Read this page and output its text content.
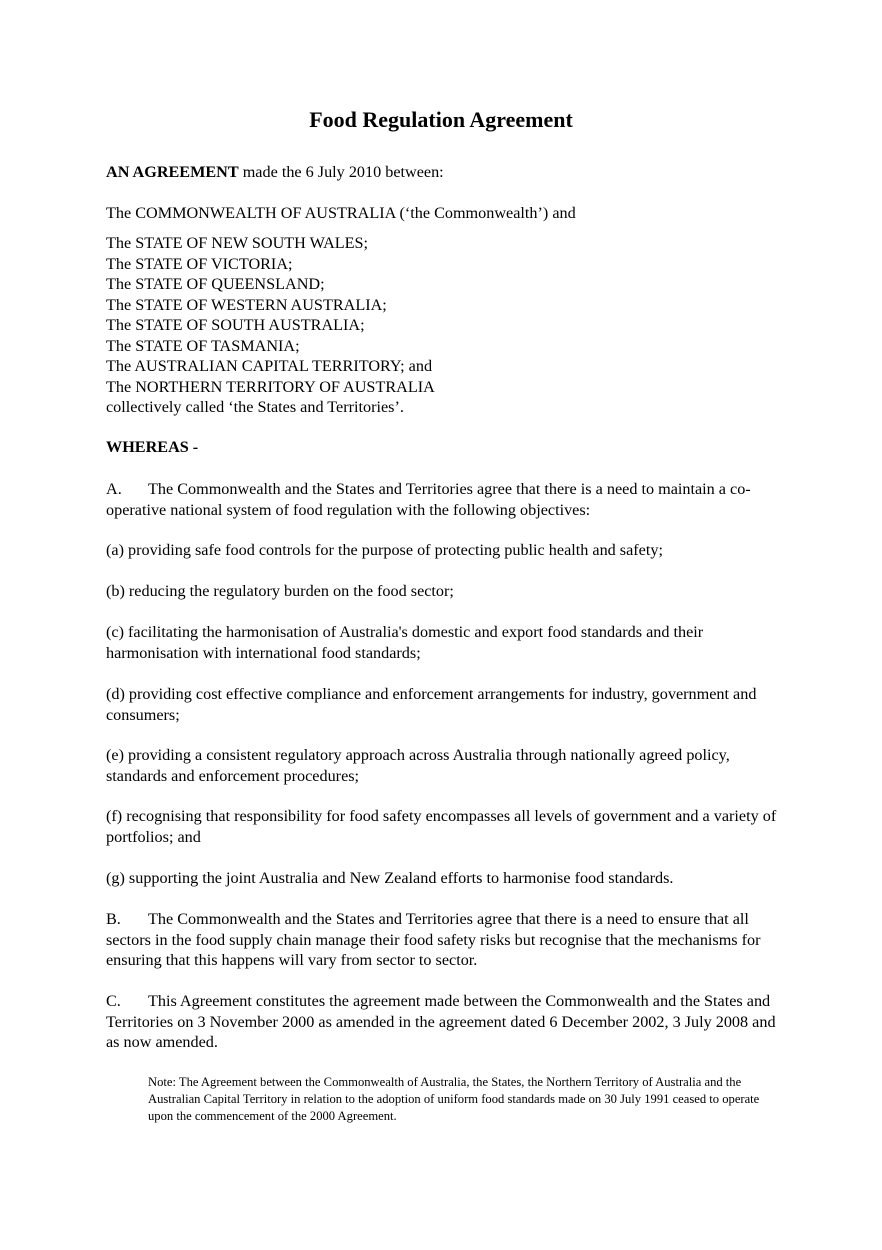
Food Regulation Agreement
AN AGREEMENT made the 6 July 2010 between:
The COMMONWEALTH OF AUSTRALIA (‘the Commonwealth’) and

The STATE OF NEW SOUTH WALES;

The STATE OF VICTORIA;

The STATE OF QUEENSLAND;

The STATE OF WESTERN AUSTRALIA;

The STATE OF SOUTH AUSTRALIA;

The STATE OF TASMANIA;

The AUSTRALIAN CAPITAL TERRITORY; and

The NORTHERN TERRITORY OF AUSTRALIA

collectively called ‘the States and Territories’.

WHEREAS -
A. The Commonwealth and the States and Territories agree that there is a need to maintain a co-operative national system of food regulation with the following objectives:
(a) providing safe food controls for the purpose of protecting public health and safety;
(b) reducing the regulatory burden on the food sector;
(c) facilitating the harmonisation of Australia's domestic and export food standards and their harmonisation with international food standards;
(d) providing cost effective compliance and enforcement arrangements for industry, government and consumers;
(e) providing a consistent regulatory approach across Australia through nationally agreed policy, standards and enforcement procedures;
(f) recognising that responsibility for food safety encompasses all levels of government and a variety of portfolios; and
(g) supporting the joint Australia and New Zealand efforts to harmonise food standards.
B. The Commonwealth and the States and Territories agree that there is a need to ensure that all sectors in the food supply chain manage their food safety risks but recognise that the mechanisms for ensuring that this happens will vary from sector to sector.
C. This Agreement constitutes the agreement made between the Commonwealth and the States and Territories on 3 November 2000 as amended in the agreement dated 6 December 2002, 3 July 2008 and as now amended.
Note: The Agreement between the Commonwealth of Australia, the States, the Northern Territory of Australia and the Australian Capital Territory in relation to the adoption of uniform food standards made on 30 July 1991 ceased to operate upon the commencement of the 2000 Agreement.
